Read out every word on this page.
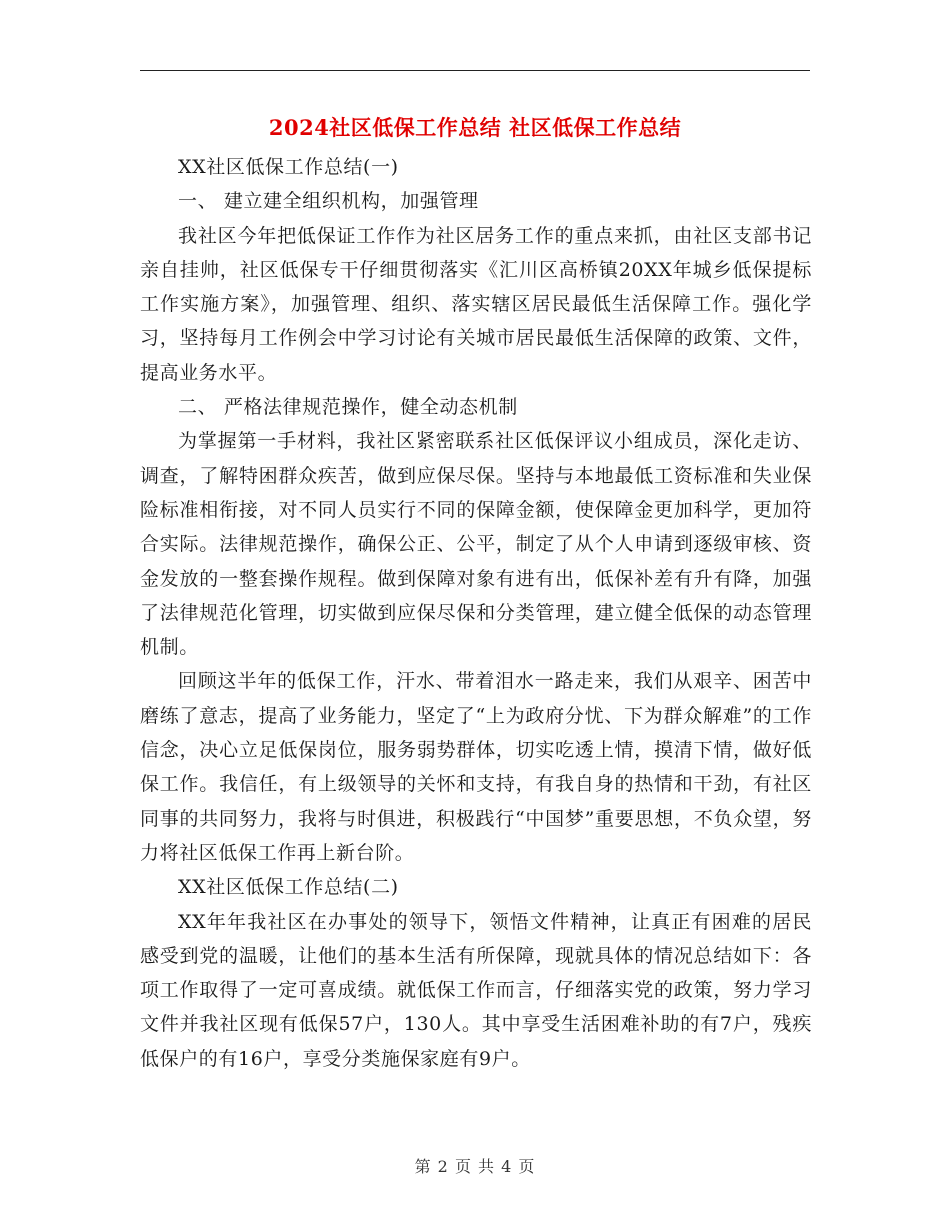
2024社区低保工作总结 社区低保工作总结

XX社区低保工作总结(一)

一、 建立建全组织机构，加强管理

我社区今年把低保证工作作为社区居务工作的重点来抓，由社区支部书记亲自挂帅，社区低保专干仔细贯彻落实《汇川区高桥镇20XX年城乡低保提标工作实施方案》，加强管理、组织、落实辖区居民最低生活保障工作。强化学习，坚持每月工作例会中学习讨论有关城市居民最低生活保障的政策、文件，提高业务水平。

二、 严格法律规范操作，健全动态机制

为掌握第一手材料，我社区紧密联系社区低保评议小组成员，深化走访、调查，了解特困群众疾苦，做到应保尽保。坚持与本地最低工资标准和失业保险标准相衔接，对不同人员实行不同的保障金额，使保障金更加科学，更加符合实际。法律规范操作，确保公正、公平，制定了从个人申请到逐级审核、资金发放的一整套操作规程。做到保障对象有进有出，低保补差有升有降，加强了法律规范化管理，切实做到应保尽保和分类管理，建立健全低保的动态管理机制。

回顾这半年的低保工作，汗水、带着泪水一路走来，我们从艰辛、困苦中磨练了意志，提高了业务能力，坚定了“上为政府分忧、下为群众解难”的工作信念，决心立足低保岗位，服务弱势群体，切实吃透上情，摸清下情，做好低保工作。我信任，有上级领导的关怀和支持，有我自身的热情和干劲，有社区同事的共同努力，我将与时俱进，积极践行“中国梦”重要思想，不负众望，努力将社区低保工作再上新台阶。

XX社区低保工作总结(二)

XX年年我社区在办事处的领导下，领悟文件精神，让真正有困难的居民感受到党的温暖，让他们的基本生活有所保障，现就具体的情况总结如下：各项工作取得了一定可喜成绩。就低保工作而言，仔细落实党的政策，努力学习文件并我社区现有低保57户，130人。其中享受生活困难补助的有7户，残疾低保户的有16户，享受分类施保家庭有9户。

第 2 页 共 4 页
